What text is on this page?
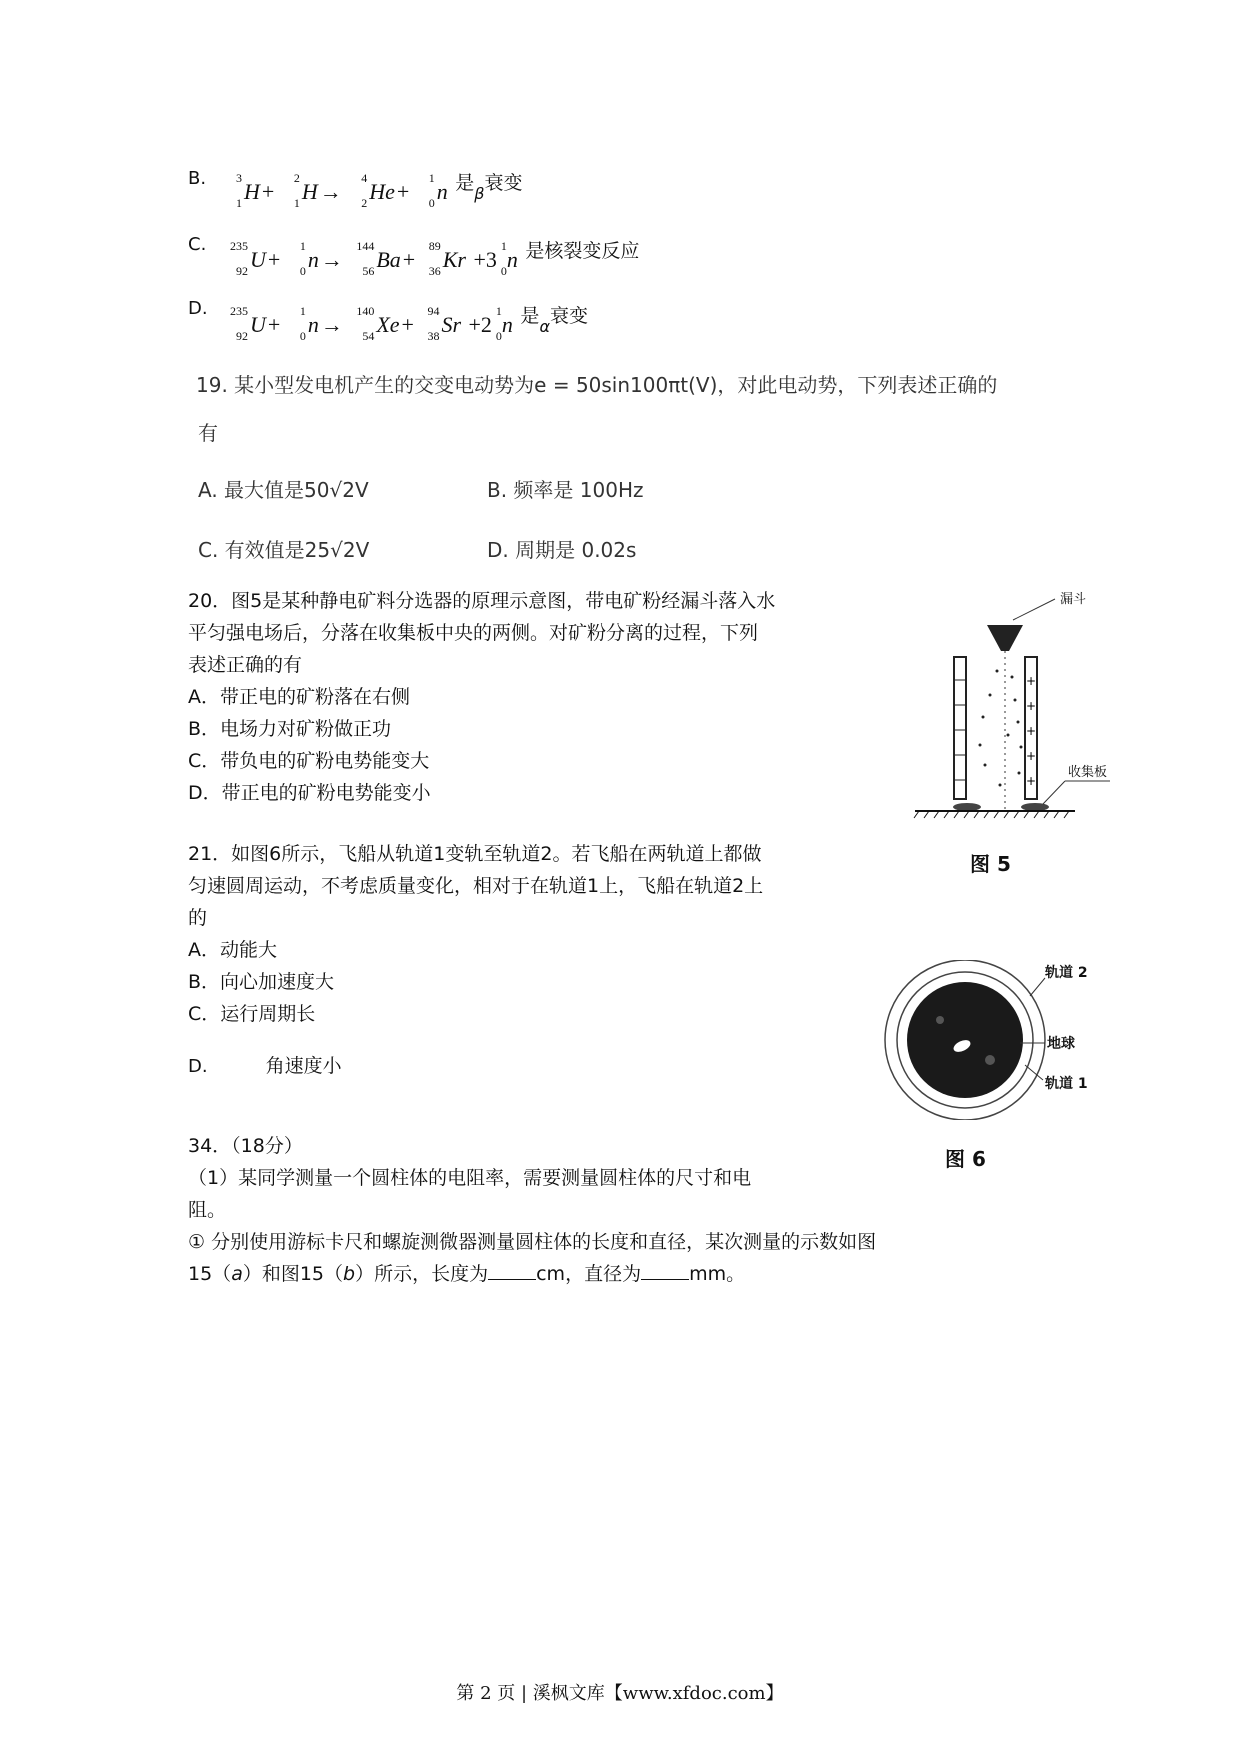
B.	3
1 H+
2
1 H→
4
2 He+
1
0 n 是$_\beta$衰变
C.	235
92 U+
1
0 n→
144
56 Ba+
89
36 Kr +3
1
0 n 是核裂变反应
D.	235
92 U+
1
0 n→
140
54 Xe+
94
38 Sr +2
1
0 n 是$_\alpha$衰变
19. 某小型发电机产生的交变电动势为e = 50sin100πt(V)，对此电动势，下列表述正确的
有
A. 最大值是50√2V	B. 频率是 100Hz
C. 有效值是25√2V	D. 周期是 0.02s
20．图5是某种静电矿料分选器的原理示意图，带电矿粉经漏斗落入水
平匀强电场后，分落在收集板中央的两侧。对矿粉分离的过程，下列
表述正确的有
A．带正电的矿粉落在右侧
B．电场力对矿粉做正功
C．带负电的矿粉电势能变大
D．带正电的矿粉电势能变小
+
+
+
+
+
漏斗
收集板
图 5
21．如图6所示，飞船从轨道1变轨至轨道2。若飞船在两轨道上都做
匀速圆周运动，不考虑质量变化，相对于在轨道1上，飞船在轨道2上
的
A．动能大
B．向心加速度大
C．运行周期长
D.	角速度小
轨道 2
地球
轨道 1
图 6
34．（18分）
（1）某同学测量一个圆柱体的电阻率，需要测量圆柱体的尺寸和电
阻。
① 分别使用游标卡尺和螺旋测微器测量圆柱体的长度和直径，某次测量的示数如图
15（a）和图15（b）所示，长度为	cm，直径为	mm。
第 2 页 | 溪枫文库【www.xfdoc.com】
